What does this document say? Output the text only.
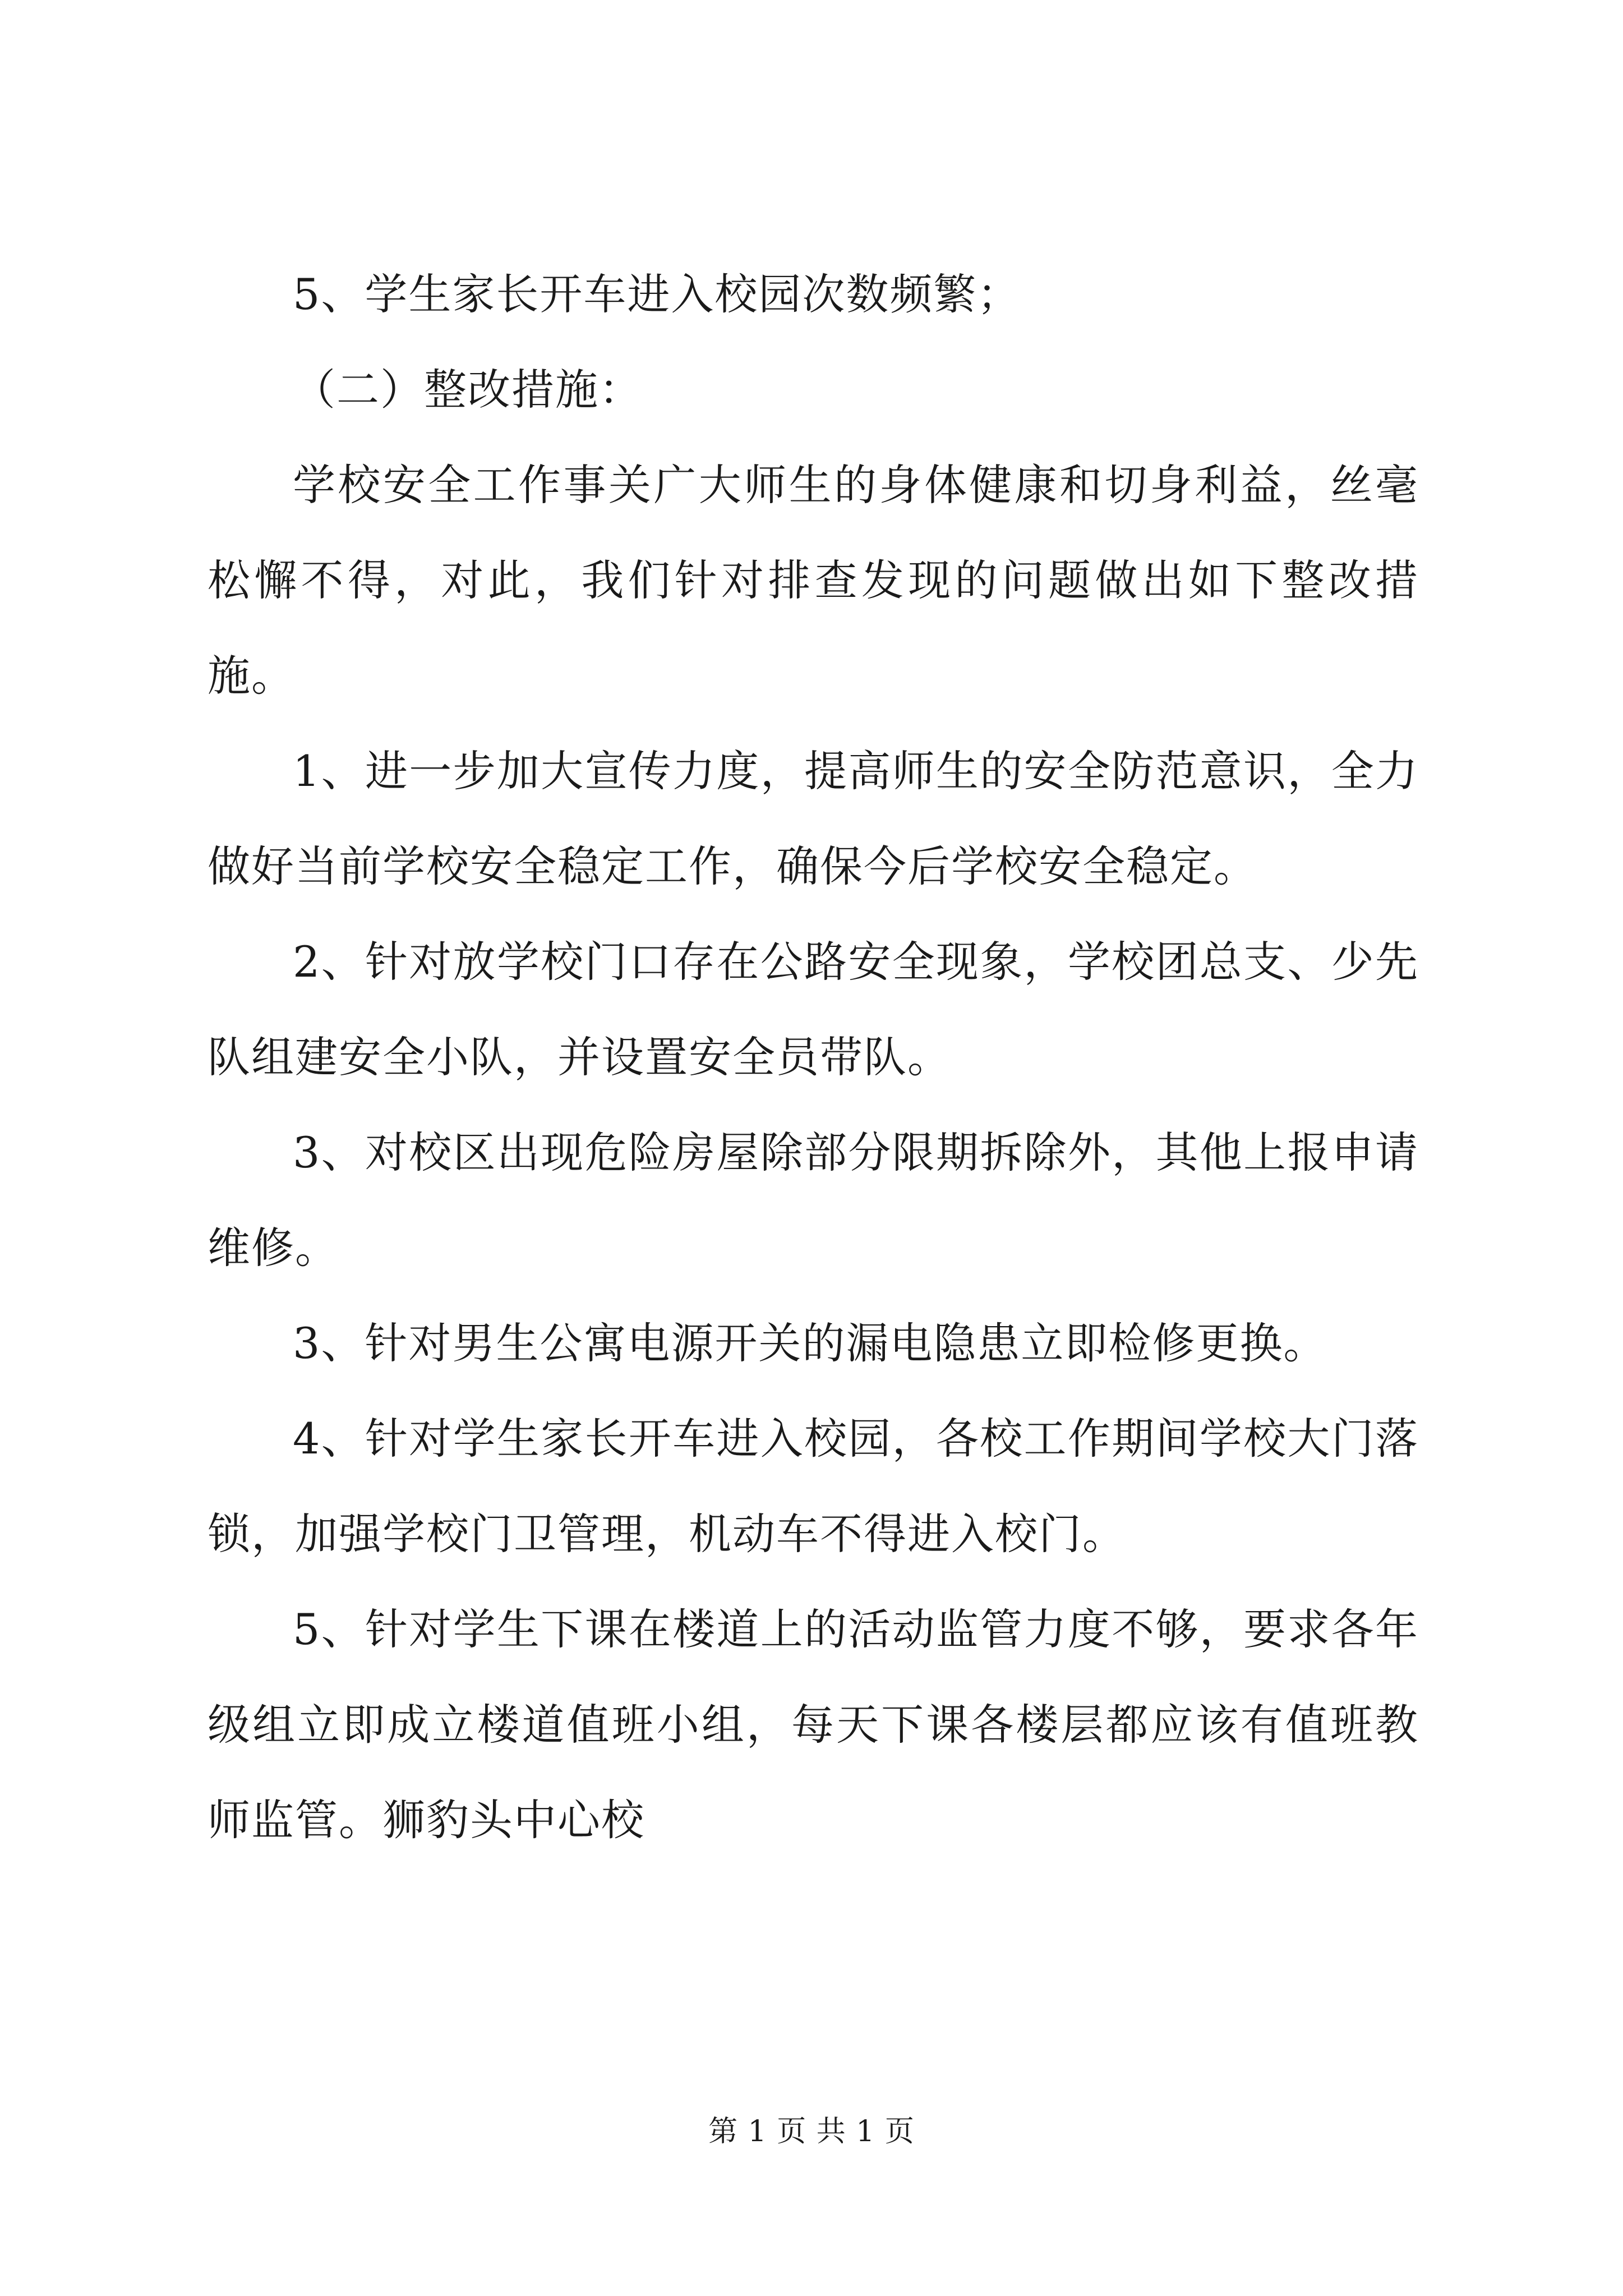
5、学生家长开车进入校园次数频繁；

（二）整改措施：

学校安全工作事关广大师生的身体健康和切身利益，丝毫松懈不得，对此，我们针对排查发现的问题做出如下整改措施。

1、进一步加大宣传力度，提高师生的安全防范意识，全力做好当前学校安全稳定工作，确保今后学校安全稳定。

2、针对放学校门口存在公路安全现象，学校团总支、少先队组建安全小队，并设置安全员带队。

3、对校区出现危险房屋除部分限期拆除外，其他上报申请维修。

3、针对男生公寓电源开关的漏电隐患立即检修更换。

4、针对学生家长开车进入校园，各校工作期间学校大门落锁，加强学校门卫管理，机动车不得进入校门。

5、针对学生下课在楼道上的活动监管力度不够，要求各年级组立即成立楼道值班小组，每天下课各楼层都应该有值班教师监管。狮豹头中心校

第 1 页 共 1 页
